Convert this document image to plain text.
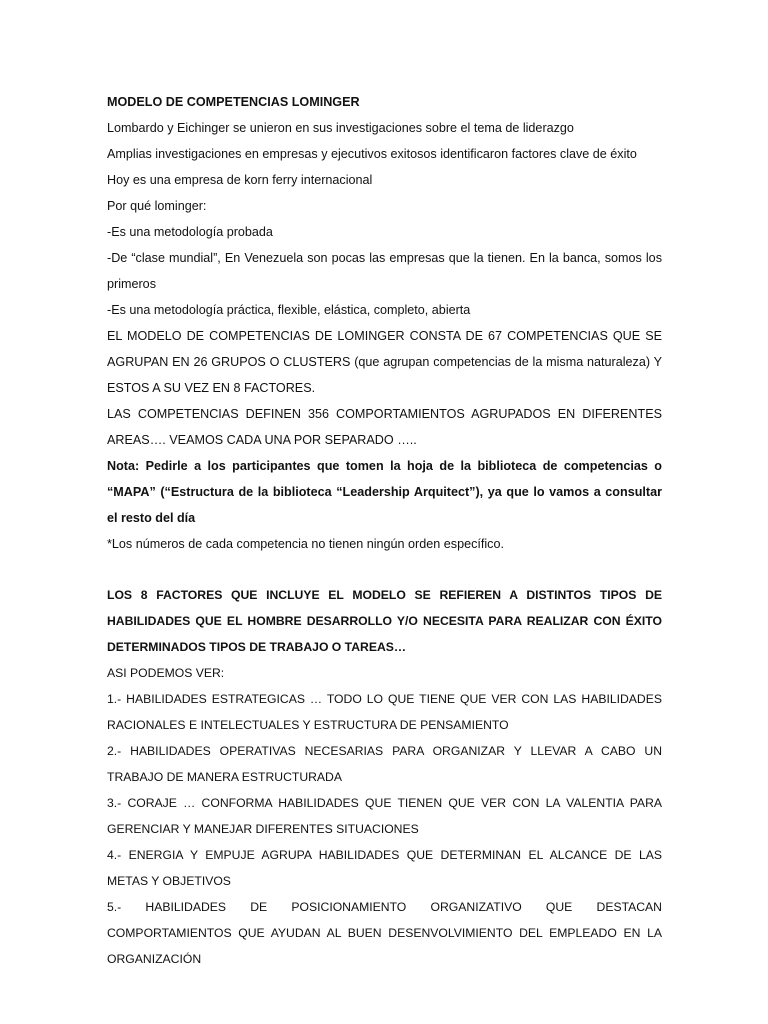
MODELO DE COMPETENCIAS LOMINGER
Lombardo y Eichinger se unieron en sus investigaciones sobre el tema de liderazgo
Amplias investigaciones en empresas y ejecutivos exitosos identificaron factores clave de éxito
Hoy es una empresa de korn ferry internacional
Por qué lominger:
-Es una metodología probada

-De “clase mundial”, En Venezuela son pocas las empresas que la tienen. En la banca, somos los primeros

-Es una metodología práctica, flexible, elástica, completo, abierta

EL MODELO DE COMPETENCIAS DE LOMINGER CONSTA DE 67 COMPETENCIAS QUE SE AGRUPAN EN 26 GRUPOS O CLUSTERS (que agrupan competencias de la misma naturaleza) Y ESTOS A SU VEZ EN 8 FACTORES.

LAS COMPETENCIAS DEFINEN 356 COMPORTAMIENTOS AGRUPADOS EN DIFERENTES AREAS…. VEAMOS CADA UNA POR SEPARADO …..

Nota: Pedirle a los participantes que tomen la hoja de la biblioteca de competencias o “MAPA” (“Estructura de la biblioteca “Leadership Arquitect”), ya que lo vamos a consultar el resto del día

*Los números de cada competencia no tienen ningún orden específico.

LOS 8 FACTORES QUE INCLUYE EL MODELO SE REFIEREN A DISTINTOS TIPOS DE HABILIDADES QUE EL HOMBRE DESARROLLO Y/O NECESITA PARA REALIZAR CON ÉXITO DETERMINADOS TIPOS DE TRABAJO O TAREAS…

ASI PODEMOS VER:

1.- HABILIDADES ESTRATEGICAS … TODO LO QUE TIENE QUE VER CON LAS HABILIDADES RACIONALES E INTELECTUALES Y ESTRUCTURA DE PENSAMIENTO

2.- HABILIDADES OPERATIVAS NECESARIAS PARA ORGANIZAR Y LLEVAR A CABO UN TRABAJO DE MANERA ESTRUCTURADA

3.- CORAJE … CONFORMA HABILIDADES QUE TIENEN QUE VER CON LA VALENTIA PARA GERENCIAR Y MANEJAR DIFERENTES SITUACIONES

4.- ENERGIA Y EMPUJE AGRUPA HABILIDADES QUE DETERMINAN EL ALCANCE DE LAS METAS Y OBJETIVOS

5.- HABILIDADES DE POSICIONAMIENTO ORGANIZATIVO QUE DESTACAN COMPORTAMIENTOS QUE AYUDAN AL BUEN DESENVOLVIMIENTO DEL EMPLEADO EN LA ORGANIZACIÓN
